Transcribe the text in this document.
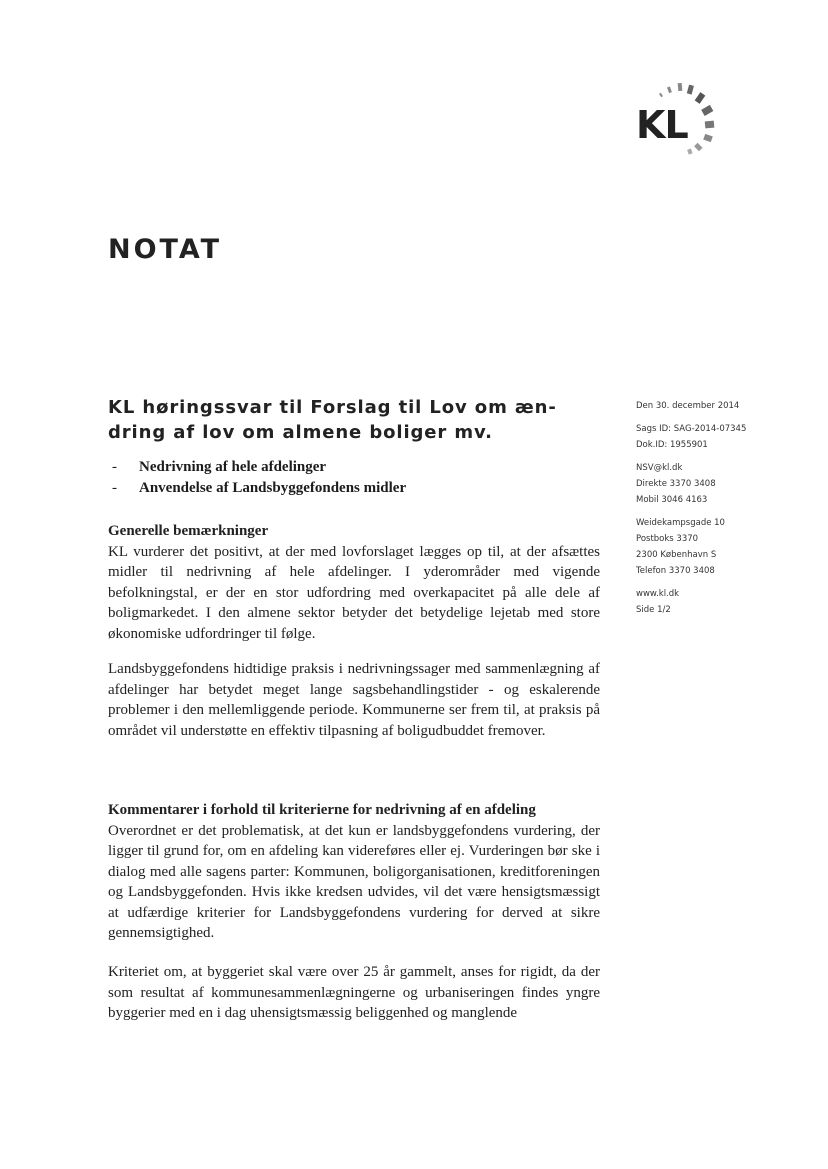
KL
NOTAT
KL høringssvar til Forslag til Lov om æn-dring af lov om almene boliger mv.
-	Nedrivning af hele afdelinger
-	Anvendelse af Landsbyggefondens midler
Generelle bemærkninger

KL vurderer det positivt, at der med lovforslaget lægges op til, at der afsættes midler til nedrivning af hele afdelinger. I yderområder med vigende befolkningstal, er der en stor udfordring med overkapacitet på alle dele af boligmarkedet. I den almene sektor betyder det betydelige lejetab med store økonomiske udfordringer til følge.

Landsbyggefondens hidtidige praksis i nedrivningssager med sammenlægning af afdelinger har betydet meget lange sagsbehandlingstider - og eskalerende problemer i den mellemliggende periode. Kommunerne ser frem til, at praksis på området vil understøtte en effektiv tilpasning af boligudbuddet fremover.

Kommentarer i forhold til kriterierne for nedrivning af en afdeling

Overordnet er det problematisk, at det kun er landsbyggefondens vurdering, der ligger til grund for, om en afdeling kan videreføres eller ej. Vurderingen bør ske i dialog med alle sagens parter: Kommunen, boligorganisationen, kreditforeningen og Landsbyggefonden. Hvis ikke kredsen udvides, vil det være hensigtsmæssigt at udfærdige kriterier for Landsbyggefondens vurdering for derved at sikre gennemsigtighed.

Kriteriet om, at byggeriet skal være over 25 år gammelt, anses for rigidt, da der som resultat af kommunesammenlægningerne og urbaniseringen findes yngre byggerier med en i dag uhensigtsmæssig beliggenhed og manglende

Den 30. december 2014
Sags ID: SAG-2014-07345
Dok.ID: 1955901
NSV@kl.dk
Direkte 3370 3408
Mobil 3046 4163
Weidekampsgade 10
Postboks 3370
2300 København S
Telefon 3370 3408
www.kl.dk
Side 1/2
